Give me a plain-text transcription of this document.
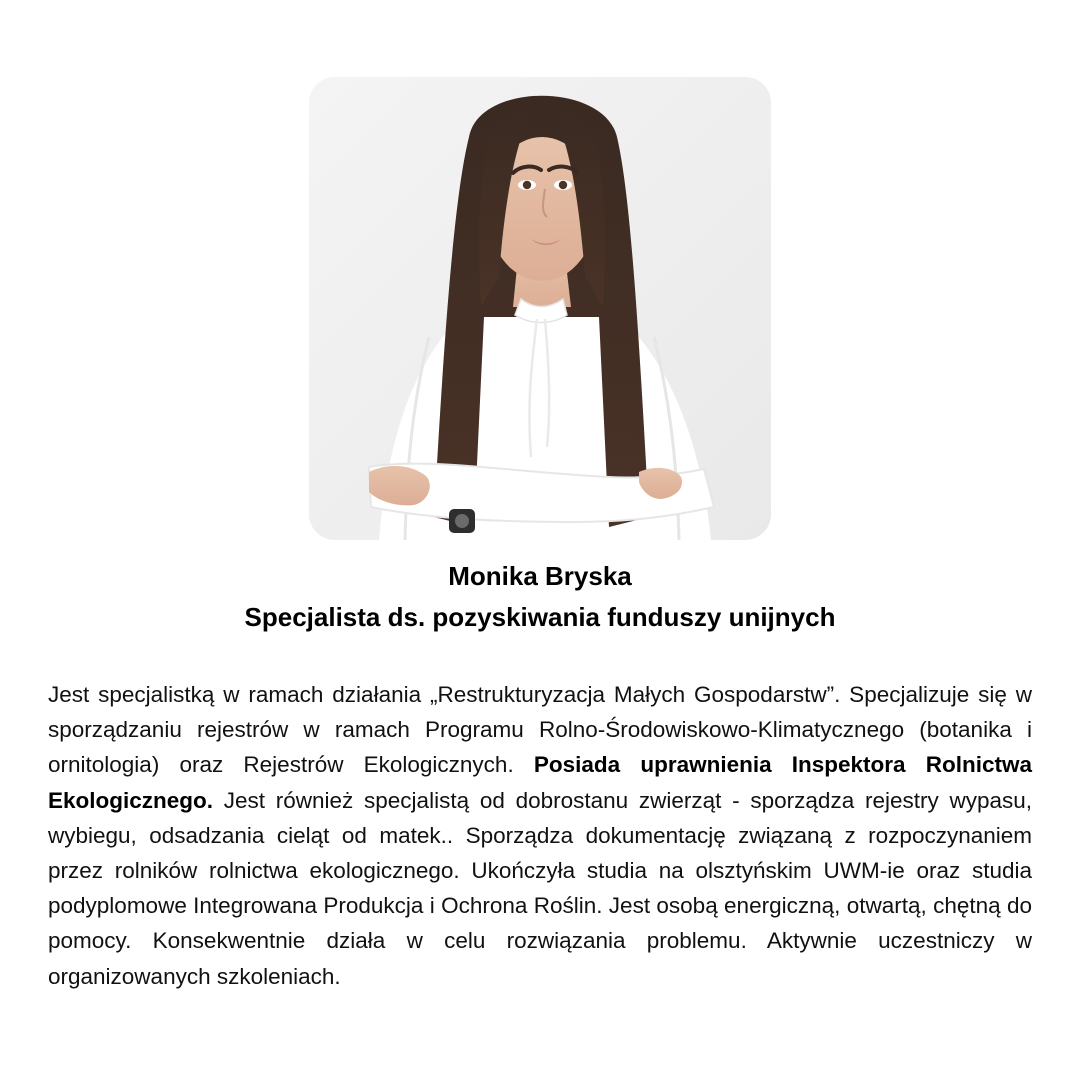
Monika Bryska
Specjalista ds. pozyskiwania funduszy unijnych

Jest specjalistką w ramach działania „Restrukturyzacja Małych Gospodarstw”. Specjalizuje się w sporządzaniu rejestrów w ramach Programu Rolno-Środowiskowo-Klimatycznego (botanika i ornitologia) oraz Rejestrów Ekologicznych. Posiada uprawnienia Inspektora Rolnictwa Ekologicznego. Jest również specjalistą od dobrostanu zwierząt - sporządza rejestry wypasu, wybiegu, odsadzania cieląt od matek.. Sporządza dokumentację związaną z rozpoczynaniem przez rolników rolnictwa ekologicznego. Ukończyła studia na olsztyńskim UWM-ie oraz studia podyplomowe Integrowana Produkcja i Ochrona Roślin. Jest osobą energiczną, otwartą, chętną do pomocy. Konsekwentnie działa w celu rozwiązania problemu. Aktywnie uczestniczy w organizowanych szkoleniach.
